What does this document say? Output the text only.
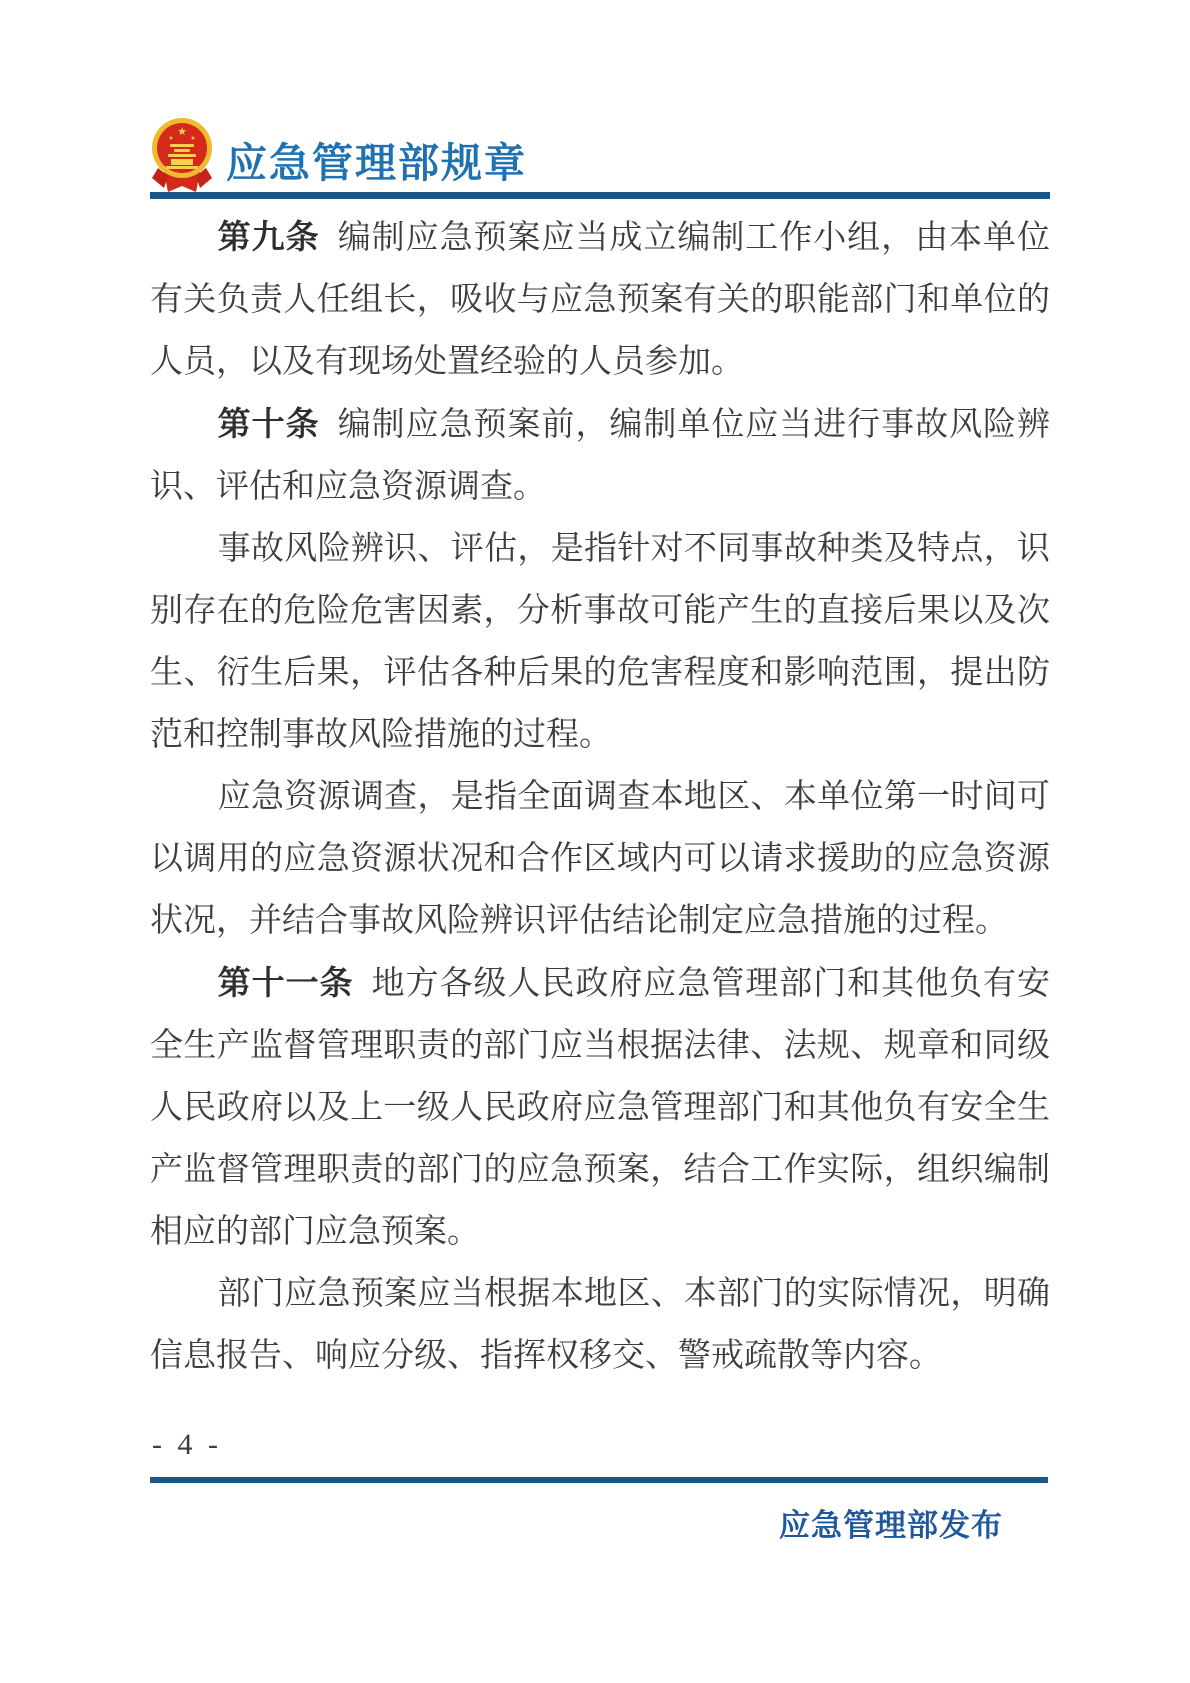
★
★	★
应急管理部规章

第九条 编制应急预案应当成立编制工作小组，由本单位有关负责人任组长，吸收与应急预案有关的职能部门和单位的人员，以及有现场处置经验的人员参加。

第十条 编制应急预案前，编制单位应当进行事故风险辨识、评估和应急资源调查。

事故风险辨识、评估，是指针对不同事故种类及特点，识别存在的危险危害因素，分析事故可能产生的直接后果以及次生、衍生后果，评估各种后果的危害程度和影响范围，提出防范和控制事故风险措施的过程。

应急资源调查，是指全面调查本地区、本单位第一时间可以调用的应急资源状况和合作区域内可以请求援助的应急资源状况，并结合事故风险辨识评估结论制定应急措施的过程。

第十一条 地方各级人民政府应急管理部门和其他负有安全生产监督管理职责的部门应当根据法律、法规、规章和同级人民政府以及上一级人民政府应急管理部门和其他负有安全生产监督管理职责的部门的应急预案，结合工作实际，组织编制相应的部门应急预案。

部门应急预案应当根据本地区、本部门的实际情况，明确信息报告、响应分级、指挥权移交、警戒疏散等内容。

- 4 -
应急管理部发布
